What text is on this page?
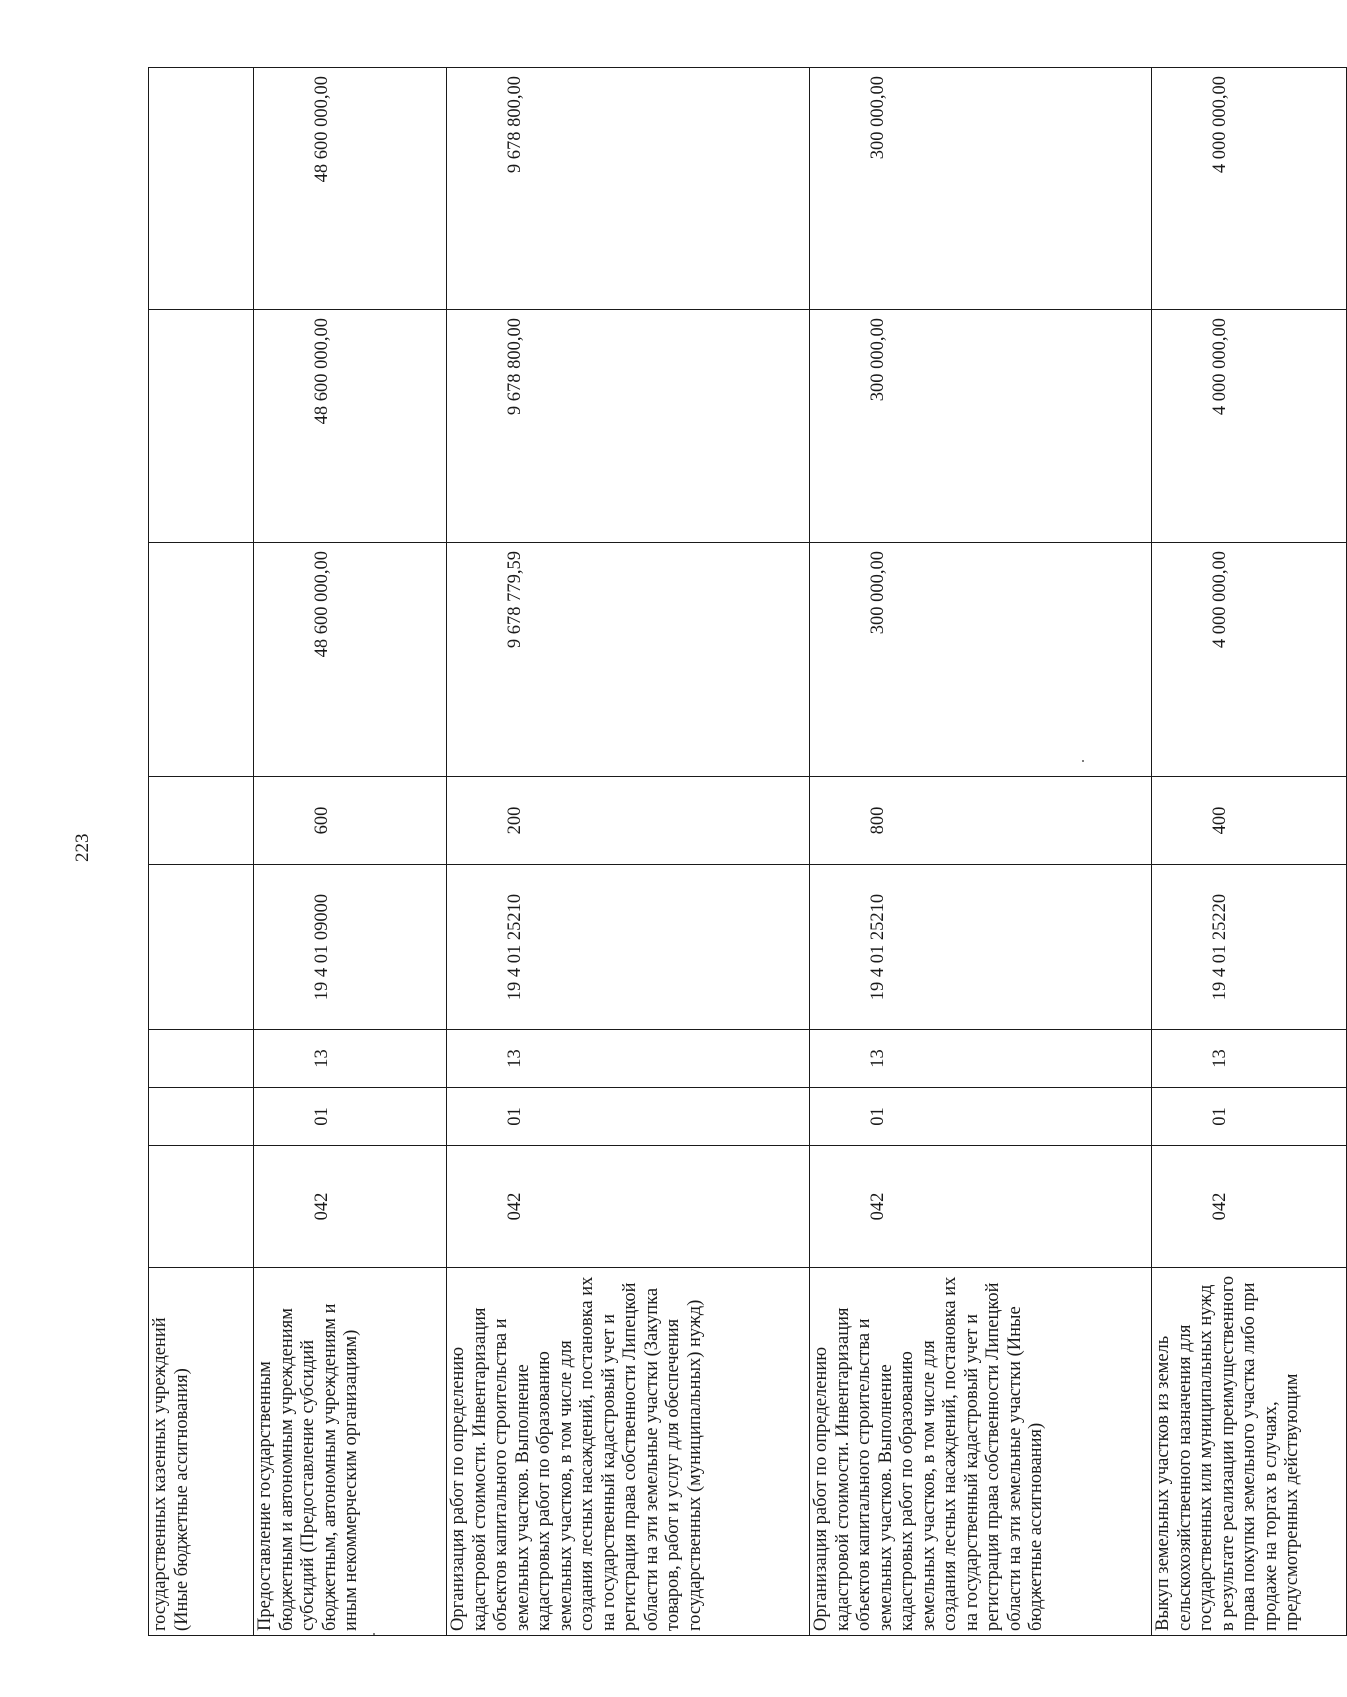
223
государственных казенных учреждений (Иные бюджетные ассигнования)								
Предоставление государственным бюджетным и автономным учреждениям субсидий (Предоставление субсидий бюджетным, автономным учреждениям и иным некоммерческим организациям)	042	01	13	19 4 01 09000	600	48 600 000,00	48 600 000,00	48 600 000,00
Организация работ по определению кадастровой стоимости. Инвентаризация объектов капитального строительства и земельных участков. Выполнение кадастровых работ по образованию земельных участков, в том числе для создания лесных насаждений, постановка их на государственный кадастровый учет и регистрация права собственности Липецкой области на эти земельные участки (Закупка товаров, работ и услуг для обеспечения государственных (муниципальных) нужд)	042	01	13	19 4 01 25210	200	9 678 779,59	9 678 800,00	9 678 800,00
Организация работ по определению кадастровой стоимости. Инвентаризация объектов капитального строительства и земельных участков. Выполнение кадастровых работ по образованию земельных участков, в том числе для создания лесных насаждений, постановка их на государственный кадастровый учет и регистрация права собственности Липецкой области на эти земельные участки (Иные бюджетные ассигнования)	042	01	13	19 4 01 25210	800	300 000,00	300 000,00	300 000,00
Выкуп земельных участков из земель сельскохозяйственного назначения для государственных или муниципальных нужд в результате реализации преимущественного права покупки земельного участка либо при продаже на торгах в случаях, предусмотренных действующим	042	01	13	19 4 01 25220	400	4 000 000,00	4 000 000,00	4 000 000,00
